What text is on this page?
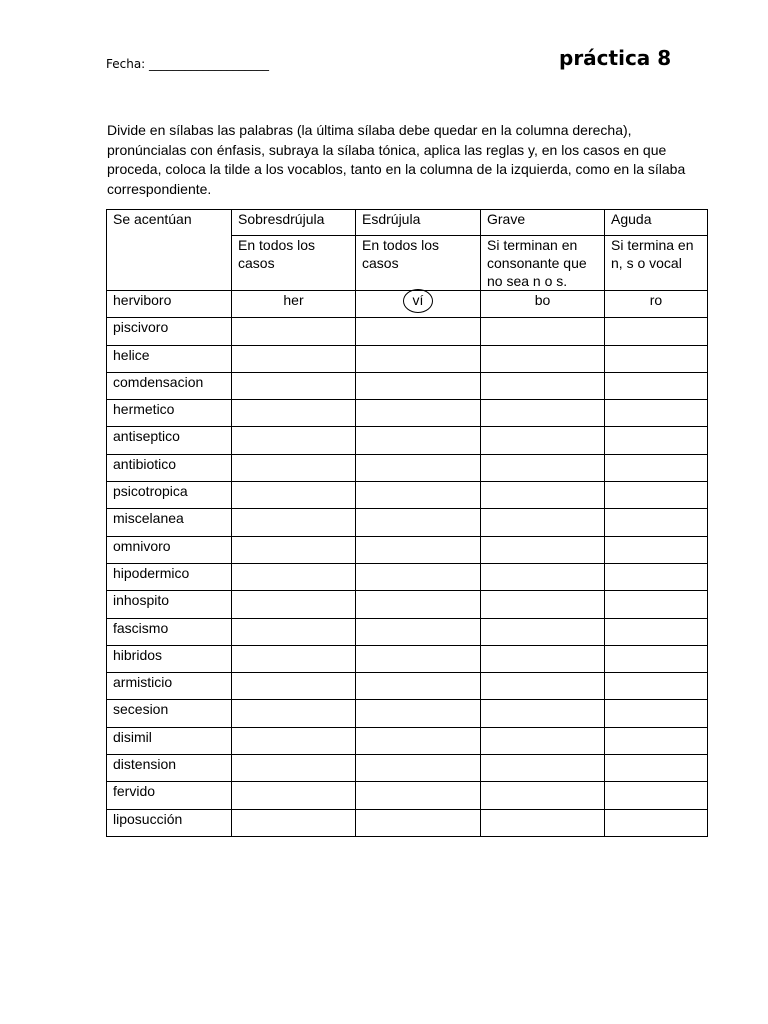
Fecha: ____________________	práctica 8
Divide en sílabas las palabras (la última sílaba debe quedar en la columna derecha), pronúncialas con énfasis, subraya la sílaba tónica, aplica las reglas y, en los casos en que proceda, coloca la tilde a los vocablos, tanto en la columna de la izquierda, como en la sílaba correspondiente.
Se acentúan	Sobresdrújula	Esdrújula	Grave	Aguda
	En todos los casos	En todos los casos	Si terminan en consonante que no sea n o s.	Si termina en n, s o vocal
herviboro	her	ví	bo	ro
piscivoro				
helice				
comdensacion				
hermetico				
antiseptico				
antibiotico				
psicotropica				
miscelanea				
omnivoro				
hipodermico				
inhospito				
fascismo				
hibridos				
armisticio				
secesion				
disimil				
distension				
fervido				
liposucción				
